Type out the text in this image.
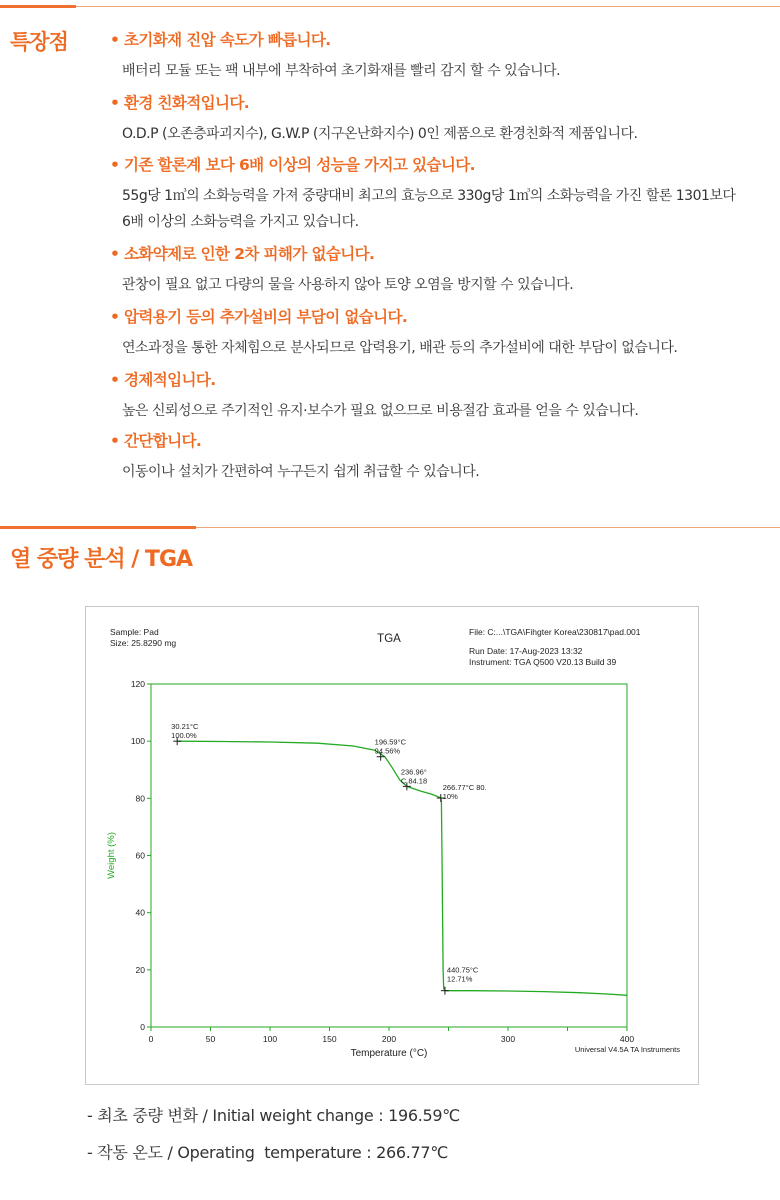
특장점	• 초기화재 진압 속도가 빠릅니다.
배터리 모듈 또는 팩 내부에 부착하여 초기화재를 빨리 감지 할 수 있습니다.
• 환경 친화적입니다.
O.D.P (오존층파괴지수), G.W.P (지구온난화지수) 0인 제품으로 환경친화적 제품입니다.
• 기존 할론계 보다 6배 이상의 성능을 가지고 있습니다.
55g당 1㎥의 소화능력을 가져 중량대비 최고의 효능으로 330g당 1㎥의 소화능력을 가진 할론 1301보다
6배 이상의 소화능력을 가지고 있습니다.
• 소화약제로 인한 2차 피해가 없습니다.
관창이 필요 없고 다량의 물을 사용하지 않아 토양 오염을 방지할 수 있습니다.
• 압력용기 등의 추가설비의 부담이 없습니다.
연소과정을 통한 자체힘으로 분사되므로 압력용기, 배관 등의 추가설비에 대한 부담이 없습니다.
• 경제적입니다.
높은 신뢰성으로 주기적인 유지·보수가 필요 없으므로 비용절감 효과를 얻을 수 있습니다.
• 간단합니다.
이동이나 설치가 간편하여 누구든지 쉽게 취급할 수 있습니다.
열 중량 분석 / TGA
Sample: Pad
Size: 25.8290 mg	TGA
File: C:...\TGA\Fihgter Korea\230817\pad.001
Run Date: 17-Aug-2023 13:32
Instrument: TGA Q500 V20.13 Build 39
0
20
40
60
80
100
120
0	50	100	150	200	300	400
Temperature (°C)
Weight (%)
Universal V4.5A TA Instruments
30.21°C
100.0%
196.59°C
94.56%
236.96°
C 84.18
266.77°C 80.
10%
440.75°C
12.71%
- 최초 중량 변화 / Initial weight change : 196.59℃
- 작동 온도 / Operating  temperature : 266.77℃
